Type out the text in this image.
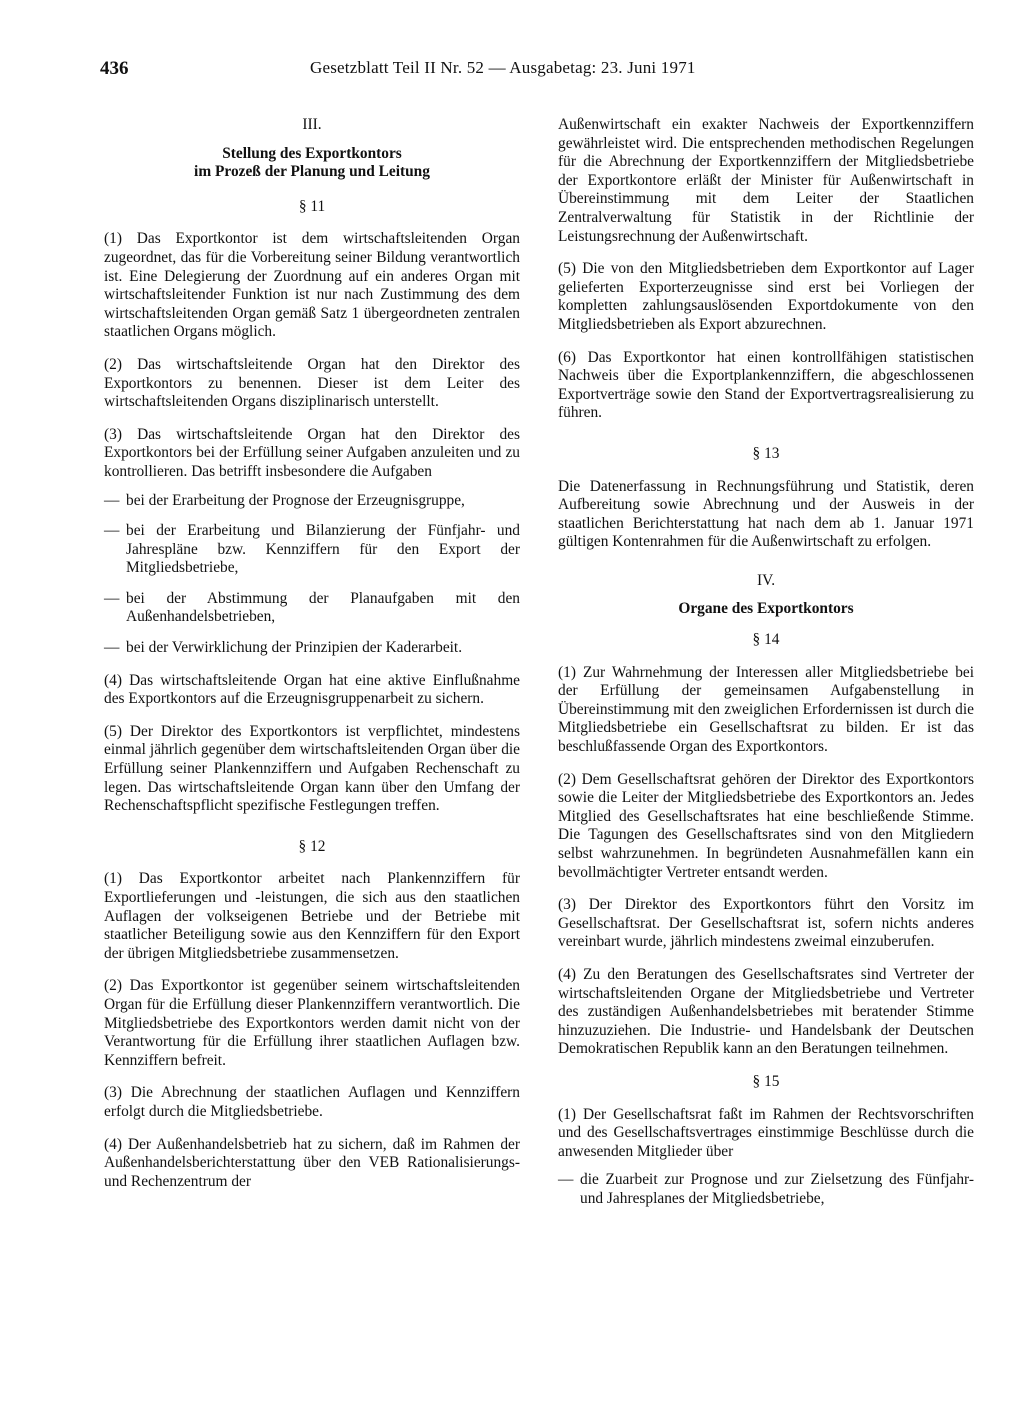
436	Gesetzblatt Teil II Nr. 52 — Ausgabetag: 23. Juni 1971
III.
Stellung des Exportkontors
im Prozeß der Planung und Leitung
§ 11

(1) Das Exportkontor ist dem wirtschaftsleitenden Organ zugeordnet, das für die Vorbereitung seiner Bildung verantwortlich ist. Eine Delegierung der Zuordnung auf ein anderes Organ mit wirtschaftsleitender Funktion ist nur nach Zustimmung des dem wirtschaftsleitenden Organ gemäß Satz 1 übergeordneten zentralen staatlichen Organs möglich.

(2) Das wirtschaftsleitende Organ hat den Direktor des Exportkontors zu benennen. Dieser ist dem Leiter des wirtschaftsleitenden Organs disziplinarisch unterstellt.

(3) Das wirtschaftsleitende Organ hat den Direktor des Exportkontors bei der Erfüllung seiner Aufgaben anzuleiten und zu kontrollieren. Das betrifft insbesondere die Aufgaben

— bei der Erarbeitung der Prognose der Erzeugnisgruppe,
— bei der Erarbeitung und Bilanzierung der Fünfjahr- und Jahrespläne bzw. Kennziffern für den Export der Mitgliedsbetriebe,
— bei der Abstimmung der Planaufgaben mit den Außenhandelsbetrieben,
— bei der Verwirklichung der Prinzipien der Kaderarbeit.

(4) Das wirtschaftsleitende Organ hat eine aktive Einflußnahme des Exportkontors auf die Erzeugnisgruppenarbeit zu sichern.

(5) Der Direktor des Exportkontors ist verpflichtet, mindestens einmal jährlich gegenüber dem wirtschaftsleitenden Organ über die Erfüllung seiner Plankennziffern und Aufgaben Rechenschaft zu legen. Das wirtschaftsleitende Organ kann über den Umfang der Rechenschaftspflicht spezifische Festlegungen treffen.

§ 12

(1) Das Exportkontor arbeitet nach Plankennziffern für Exportlieferungen und -leistungen, die sich aus den staatlichen Auflagen der volkseigenen Betriebe und der Betriebe mit staatlicher Beteiligung sowie aus den Kennziffern für den Export der übrigen Mitgliedsbetriebe zusammensetzen.

(2) Das Exportkontor ist gegenüber seinem wirtschaftsleitenden Organ für die Erfüllung dieser Plankennziffern verantwortlich. Die Mitgliedsbetriebe des Exportkontors werden damit nicht von der Verantwortung für die Erfüllung ihrer staatlichen Auflagen bzw. Kennziffern befreit.

(3) Die Abrechnung der staatlichen Auflagen und Kennziffern erfolgt durch die Mitgliedsbetriebe.

(4) Der Außenhandelsbetrieb hat zu sichern, daß im Rahmen der Außenhandelsberichterstattung über den VEB Rationalisierungs- und Rechenzentrum der

Außenwirtschaft ein exakter Nachweis der Exportkennziffern gewährleistet wird. Die entsprechenden methodischen Regelungen für die Abrechnung der Exportkennziffern der Mitgliedsbetriebe der Exportkontore erläßt der Minister für Außenwirtschaft in Übereinstimmung mit dem Leiter der Staatlichen Zentralverwaltung für Statistik in der Richtlinie der Leistungsrechnung der Außenwirtschaft.

(5) Die von den Mitgliedsbetrieben dem Exportkontor auf Lager gelieferten Exporterzeugnisse sind erst bei Vorliegen der kompletten zahlungsauslösenden Exportdokumente von den Mitgliedsbetrieben als Export abzurechnen.

(6) Das Exportkontor hat einen kontrollfähigen statistischen Nachweis über die Exportplankennziffern, die abgeschlossenen Exportverträge sowie den Stand der Exportvertragsrealisierung zu führen.

§ 13

Die Datenerfassung in Rechnungsführung und Statistik, deren Aufbereitung sowie Abrechnung und der Ausweis in der staatlichen Berichterstattung hat nach dem ab 1. Januar 1971 gültigen Kontenrahmen für die Außenwirtschaft zu erfolgen.

IV.
Organe des Exportkontors
§ 14

(1) Zur Wahrnehmung der Interessen aller Mitgliedsbetriebe bei der Erfüllung der gemeinsamen Aufgabenstellung in Übereinstimmung mit den zweiglichen Erfordernissen ist durch die Mitgliedsbetriebe ein Gesellschaftsrat zu bilden. Er ist das beschlußfassende Organ des Exportkontors.

(2) Dem Gesellschaftsrat gehören der Direktor des Exportkontors sowie die Leiter der Mitgliedsbetriebe des Exportkontors an. Jedes Mitglied des Gesellschaftsrates hat eine beschließende Stimme. Die Tagungen des Gesellschaftsrates sind von den Mitgliedern selbst wahrzunehmen. In begründeten Ausnahmefällen kann ein bevollmächtigter Vertreter entsandt werden.

(3) Der Direktor des Exportkontors führt den Vorsitz im Gesellschaftsrat. Der Gesellschaftsrat ist, sofern nichts anderes vereinbart wurde, jährlich mindestens zweimal einzuberufen.

(4) Zu den Beratungen des Gesellschaftsrates sind Vertreter der wirtschaftsleitenden Organe der Mitgliedsbetriebe und Vertreter des zuständigen Außenhandelsbetriebes mit beratender Stimme hinzuzuziehen. Die Industrie- und Handelsbank der Deutschen Demokratischen Republik kann an den Beratungen teilnehmen.

§ 15

(1) Der Gesellschaftsrat faßt im Rahmen der Rechtsvorschriften und des Gesellschaftsvertrages einstimmige Beschlüsse durch die anwesenden Mitglieder über

— die Zuarbeit zur Prognose und zur Zielsetzung des Fünfjahr- und Jahresplanes der Mitgliedsbetriebe,
